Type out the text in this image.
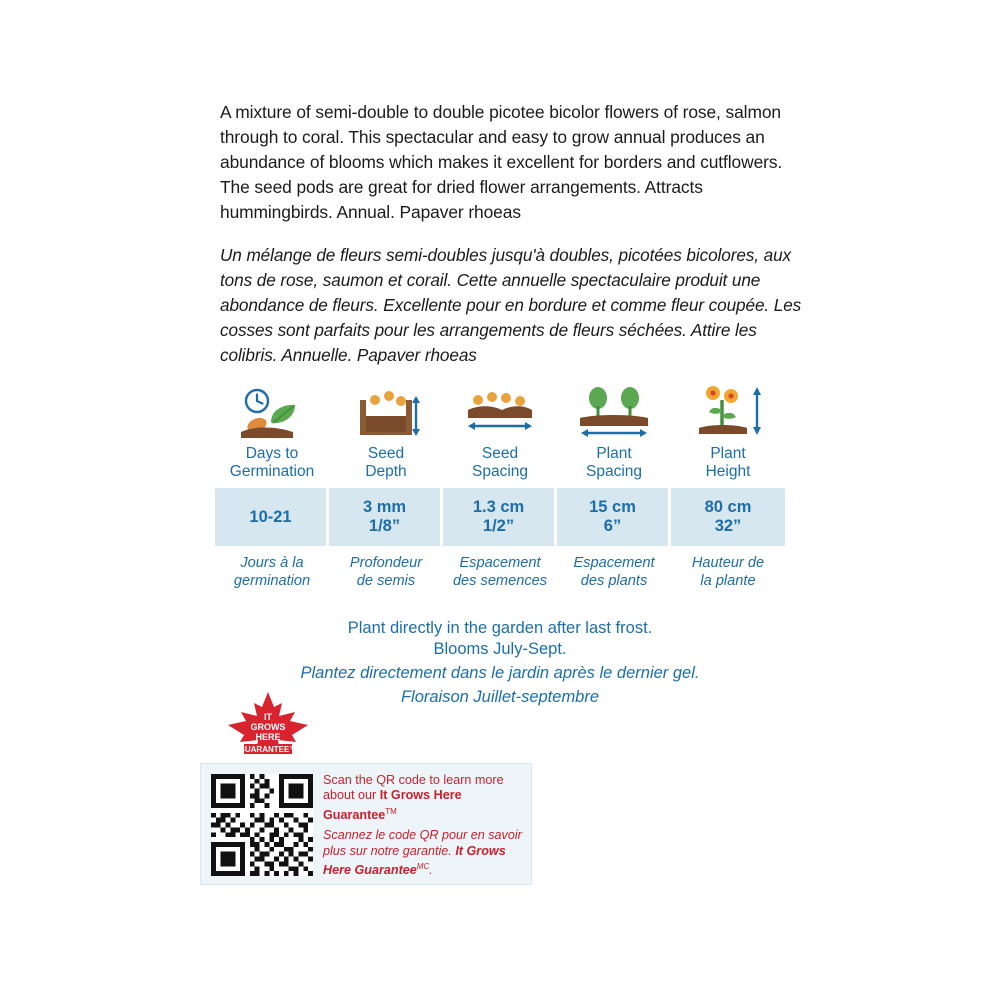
A mixture of semi-double to double picotee bicolor flowers of rose, salmon through to coral. This spectacular and easy to grow annual produces an abundance of blooms which makes it excellent for borders and cutflowers. The seed pods are great for dried flower arrangements. Attracts hummingbirds. Annual. Papaver rhoeas
Un mélange de fleurs semi-doubles jusqu'à doubles, picotées bicolores, aux tons de rose, saumon et corail. Cette annuelle spectaculaire produit une abondance de fleurs. Excellente pour en bordure et comme fleur coupée. Les cosses sont parfaits pour les arrangements de fleurs séchées. Attire les colibris. Annuelle. Papaver rhoeas
Days to
Germination
Seed
Depth
Seed
Spacing
Plant
Spacing
Plant
Height
10-21
3 mm
1/8”
1.3 cm
1/2”
15 cm
6”
80 cm
32”
Jours à la
germination
Profondeur
de semis
Espacement
des semences
Espacement
des plants
Hauteur de
la plante
Plant directly in the garden after last frost.
Blooms July-Sept.
Plantez directement dans le jardin après le dernier gel.
Floraison Juillet-septembre
IT
GROWS
HERE
GUARANTEE™
Scan the QR code to learn more about our It Grows Here Guarantee™
Scannez le code QR pour en savoir plus sur notre garantie. It Grows Here Guarantee$^{MC}$.
